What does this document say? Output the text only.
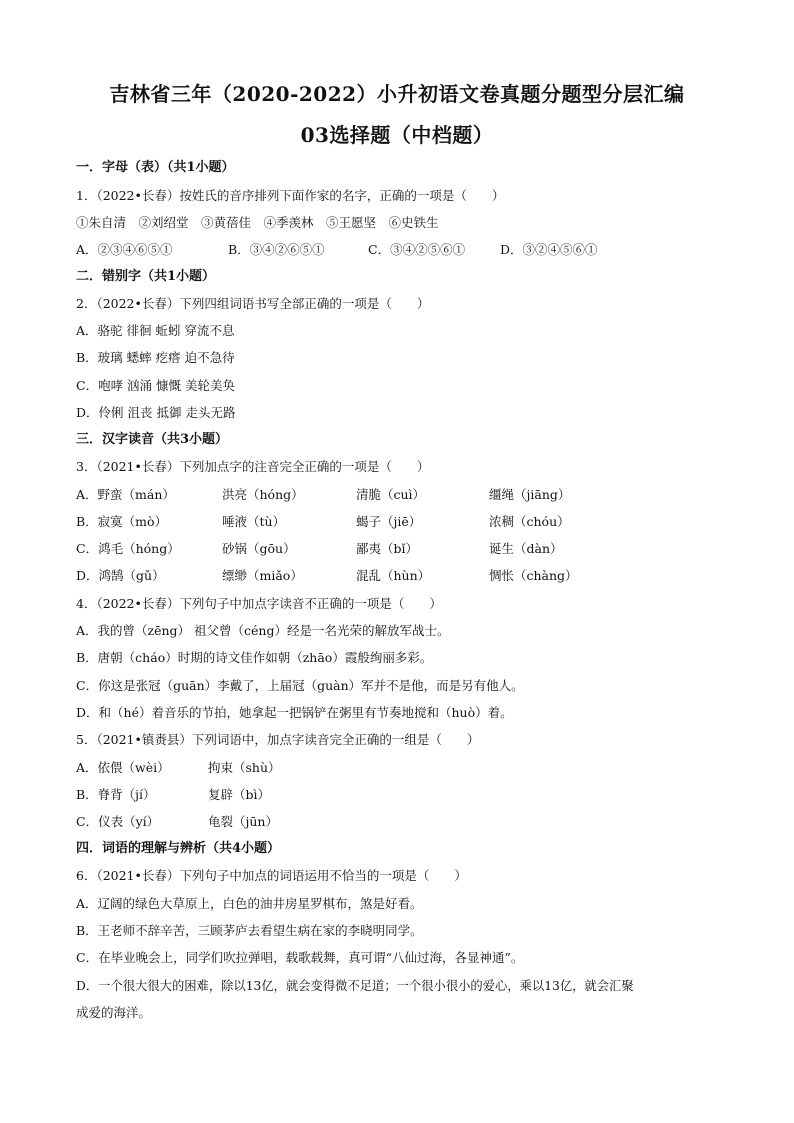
吉林省三年（2020-2022）小升初语文卷真题分题型分层汇编
03选择题（中档题）
一．字母（表）（共1小题）
1．（2022•长春）按姓氏的音序排列下面作家的名字，正确的一项是（　　）
①朱自清　②刘绍堂　③黄蓓佳　④季羡林　⑤王愿坚　⑥史铁生
A．②③④⑥⑤①	B．③④②⑥⑤①	C．③④②⑤⑥①	D．③②④⑤⑥①
二．错别字（共1小题）
2．（2022•长春）下列四组词语书写全部正确的一项是（　　）
A．骆驼 徘徊 蚯蚓 穿流不息
B．玻璃 蟋蟀 疙瘩 迫不急待
C．咆哮 汹涌 慷慨 美轮美奂
D．伶俐 沮丧 抵御 走头无路
三．汉字读音（共3小题）
3．（2021•长春）下列加点字的注音完全正确的一项是（　　）
A．野蛮（mán）	洪亮（hóng）	清脆（cuì）	缰绳（jiāng）
B．寂寞（mò）	唾液（tù）	蝎子（jiē）	浓稠（chóu）
C．鸿毛（hóng）	砂锅（gōu）	鄙夷（bǐ）	诞生（dàn）
D．鸿鹄（gǔ）	缥缈（miǎo）	混乱（hùn）	惆怅（chàng）
4．（2022•长春）下列句子中加点字读音不正确的一项是（　　）
A．我的曾（zēng） 祖父曾（céng）经是一名光荣的解放军战士。
B．唐朝（cháo）时期的诗文佳作如朝（zhāo）霞般绚丽多彩。
C．你这是张冠（guān）李戴了，上届冠（guàn）军并不是他，而是另有他人。
D．和（hé）着音乐的节拍，她拿起一把锅铲在粥里有节奏地搅和（huò）着。
5．（2021•镇赉县）下列词语中，加点字读音完全正确的一组是（　　）
A．依偎（wèi）	拘束（shù）
B．脊背（jí）	复辟（bì）
C．仪表（yí）	龟裂（jūn）
四．词语的理解与辨析（共4小题）
6．（2021•长春）下列句子中加点的词语运用不恰当的一项是（　　）
A．辽阔的绿色大草原上，白色的油井房星罗棋布，煞是好看。
B．王老师不辞辛苦，三顾茅庐去看望生病在家的李晓明同学。
C．在毕业晚会上，同学们吹拉弹唱，载歌载舞，真可谓“八仙过海，各显神通”。
D．一个很大很大的困难，除以13亿，就会变得微不足道；一个很小很小的爱心，乘以13亿，就会汇聚
成爱的海洋。
